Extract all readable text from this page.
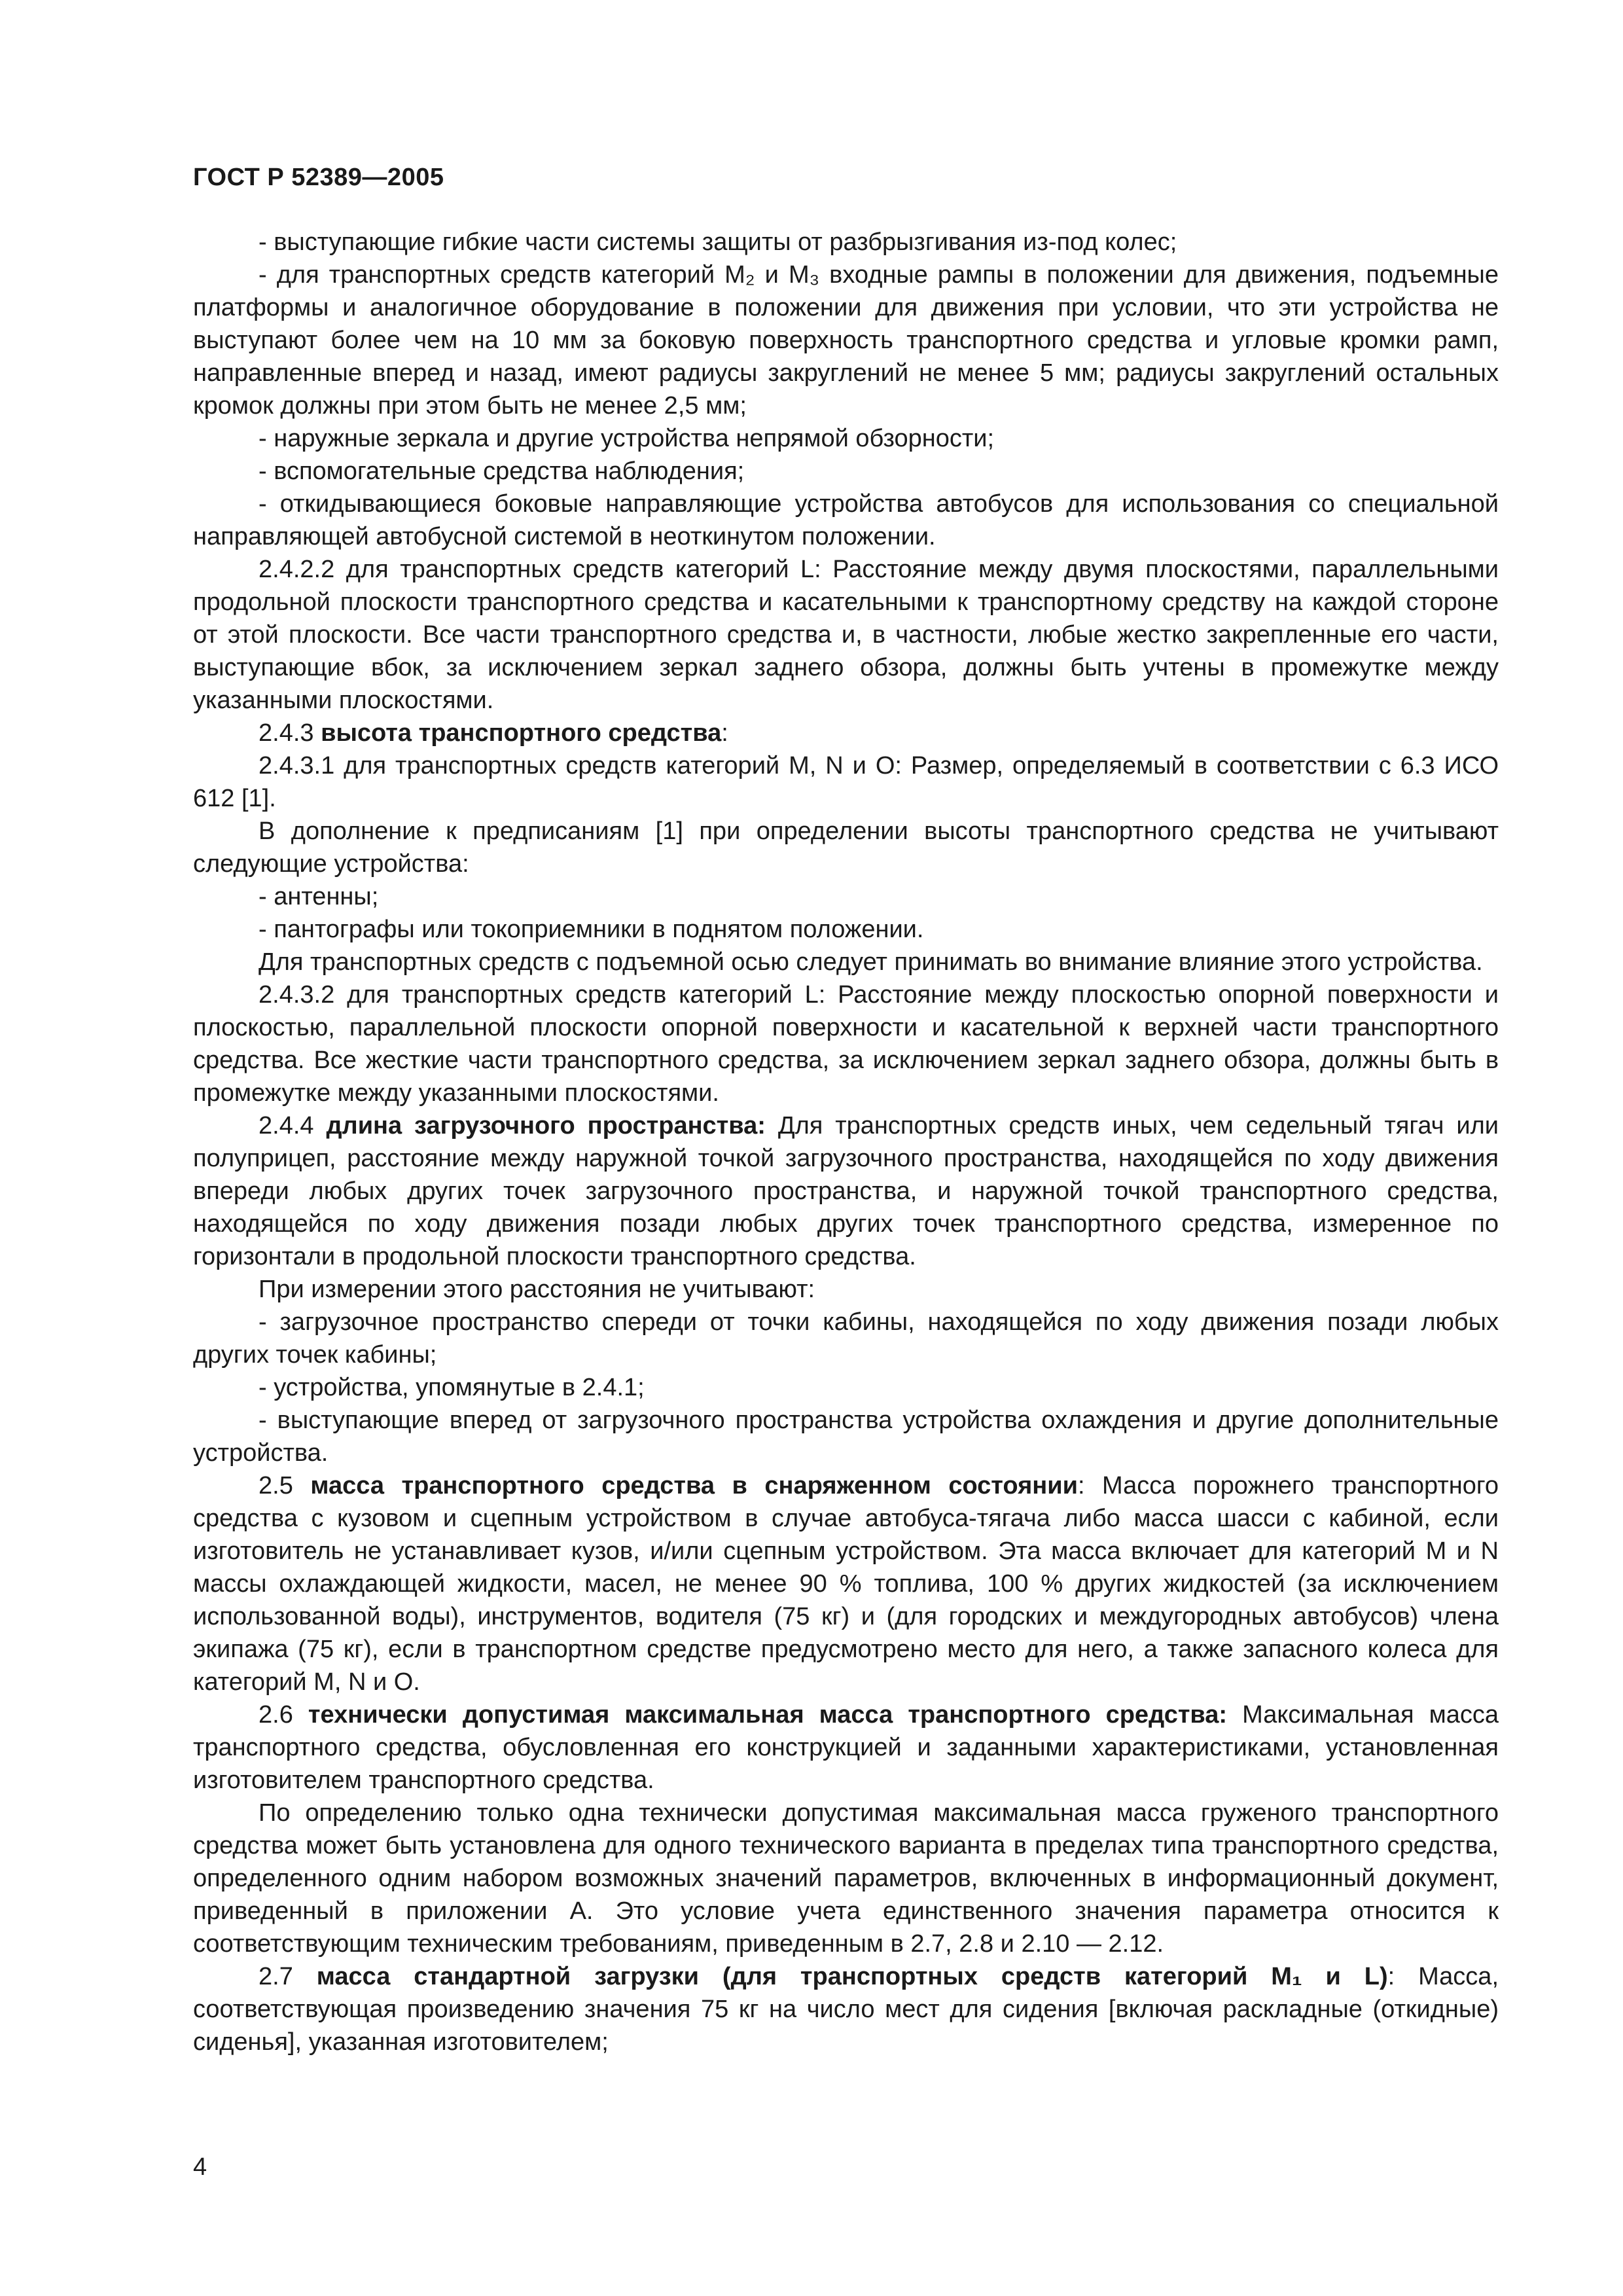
ГОСТ Р 52389—2005

- выступающие гибкие части системы защиты от разбрызгивания из-под колес;

- для транспортных средств категорий M₂ и M₃ входные рампы в положении для движения, подъемные платформы и аналогичное оборудование в положении для движения при условии, что эти устройства не выступают более чем на 10 мм за боковую поверхность транспортного средства и угловые кромки рамп, направленные вперед и назад, имеют радиусы закруглений не менее 5 мм; радиусы закруглений остальных кромок должны при этом быть не менее 2,5 мм;

- наружные зеркала и другие устройства непрямой обзорности;

- вспомогательные средства наблюдения;

- откидывающиеся боковые направляющие устройства автобусов для использования со специальной направляющей автобусной системой в неоткинутом положении.

2.4.2.2 для транспортных средств категорий L: Расстояние между двумя плоскостями, параллельными продольной плоскости транспортного средства и касательными к транспортному средству на каждой стороне от этой плоскости. Все части транспортного средства и, в частности, любые жестко закрепленные его части, выступающие вбок, за исключением зеркал заднего обзора, должны быть учтены в промежутке между указанными плоскостями.

2.4.3 высота транспортного средства:

2.4.3.1 для транспортных средств категорий M, N и O: Размер, определяемый в соответствии с 6.3 ИСО 612 [1].

В дополнение к предписаниям [1] при определении высоты транспортного средства не учитывают следующие устройства:

- антенны;

- пантографы или токоприемники в поднятом положении.

Для транспортных средств с подъемной осью следует принимать во внимание влияние этого устройства.

2.4.3.2 для транспортных средств категорий L: Расстояние между плоскостью опорной поверхности и плоскостью, параллельной плоскости опорной поверхности и касательной к верхней части транспортного средства. Все жесткие части транспортного средства, за исключением зеркал заднего обзора, должны быть в промежутке между указанными плоскостями.

2.4.4 длина загрузочного пространства: Для транспортных средств иных, чем седельный тягач или полуприцеп, расстояние между наружной точкой загрузочного пространства, находящейся по ходу движения впереди любых других точек загрузочного пространства, и наружной точкой транспортного средства, находящейся по ходу движения позади любых других точек транспортного средства, измеренное по горизонтали в продольной плоскости транспортного средства.

При измерении этого расстояния не учитывают:

- загрузочное пространство спереди от точки кабины, находящейся по ходу движения позади любых других точек кабины;

- устройства, упомянутые в 2.4.1;

- выступающие вперед от загрузочного пространства устройства охлаждения и другие дополнительные устройства.

2.5 масса транспортного средства в снаряженном состоянии: Масса порожнего транспортного средства с кузовом и сцепным устройством в случае автобуса-тягача либо масса шасси с кабиной, если изготовитель не устанавливает кузов, и/или сцепным устройством. Эта масса включает для категорий M и N массы охлаждающей жидкости, масел, не менее 90 % топлива, 100 % других жидкостей (за исключением использованной воды), инструментов, водителя (75 кг) и (для городских и междугородных автобусов) члена экипажа (75 кг), если в транспортном средстве предусмотрено место для него, а также запасного колеса для категорий M, N и O.

2.6 технически допустимая максимальная масса транспортного средства: Максимальная масса транспортного средства, обусловленная его конструкцией и заданными характеристиками, установленная изготовителем транспортного средства.

По определению только одна технически допустимая максимальная масса груженого транспортного средства может быть установлена для одного технического варианта в пределах типа транспортного средства, определенного одним набором возможных значений параметров, включенных в информационный документ, приведенный в приложении А. Это условие учета единственного значения параметра относится к соответствующим техническим требованиям, приведенным в 2.7, 2.8 и 2.10 — 2.12.

2.7 масса стандартной загрузки (для транспортных средств категорий M₁ и L): Масса, соответствующая произведению значения 75 кг на число мест для сидения [включая раскладные (откидные) сиденья], указанная изготовителем;

4
